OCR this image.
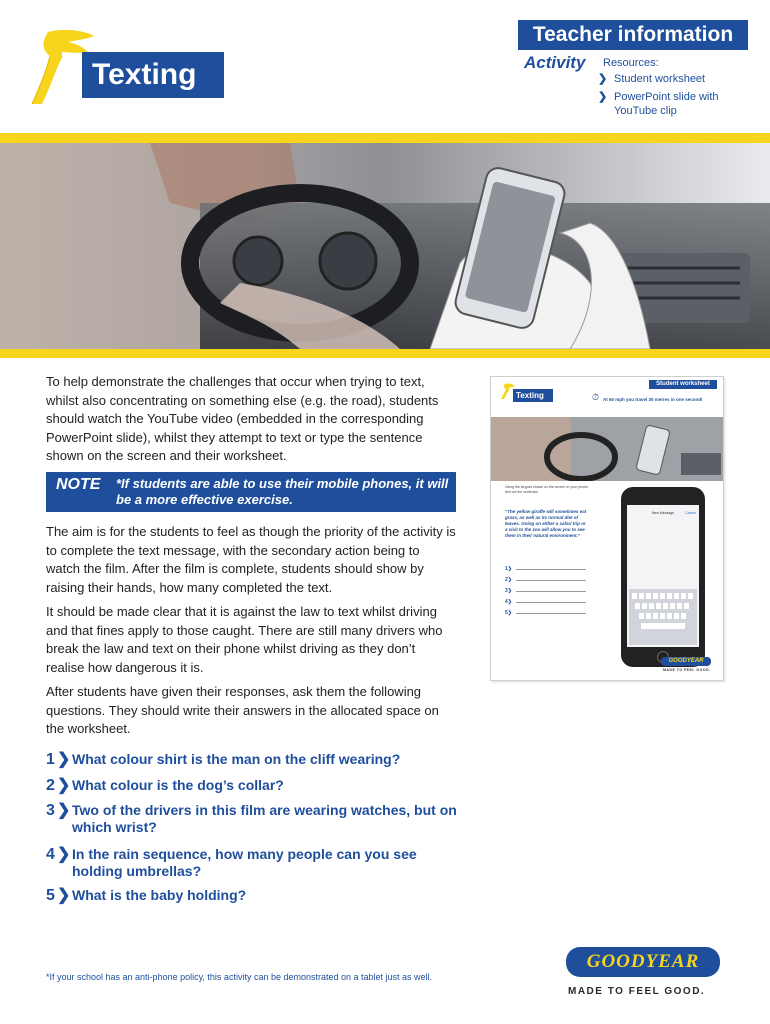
Texting
Teacher information
Activity Resources:
❯ Student worksheet
❯ PowerPoint slide with YouTube clip
To help demonstrate the challenges that occur when trying to text, whilst also concentrating on something else (e.g. the road), students should watch the YouTube video (embedded in the corresponding PowerPoint slide), whilst they attempt to text or type the sentence shown on the screen and their worksheet.
NOTE *If students are able to use their mobile phones, it will be a more effective exercise.
The aim is for the students to feel as though the priority of the activity is to complete the text message, with the secondary action being to watch the film. After the film is complete, students should show by raising their hands, how many completed the text.
It should be made clear that it is against the law to text whilst driving and that fines apply to those caught. There are still many drivers who break the law and text on their phone whilst driving as they don’t realise how dangerous it is.
After students have given their responses, ask them the following questions. They should write their answers in the allocated space on the worksheet.
1 ❯ What colour shirt is the man on the cliff wearing?
2 ❯ What colour is the dog’s collar?
3 ❯ Two of the drivers in this film are wearing watches, but on which wrist?
4 ❯ In the rain sequence, how many people can you see holding umbrellas?
5 ❯ What is the baby holding?
*If your school has an anti-phone policy, this activity can be demonstrated on a tablet just as well.
Student worksheet
Texting	⏱ At 60 mph you travel 30 metres in one second!
Using the keypad shown on the screen or your phone, text out the sentence:
“The yellow giraffe will sometimes eat grass, as well as its normal diet of leaves. Going on either a safari trip or a visit to the zoo will allow you to see them in their natural environment.”
1❯
2❯
3❯
4❯
5❯
New Message	Cancel
GOODYEAR
MADE TO FEEL GOOD.
GOODYEAR
MADE TO FEEL GOOD.
